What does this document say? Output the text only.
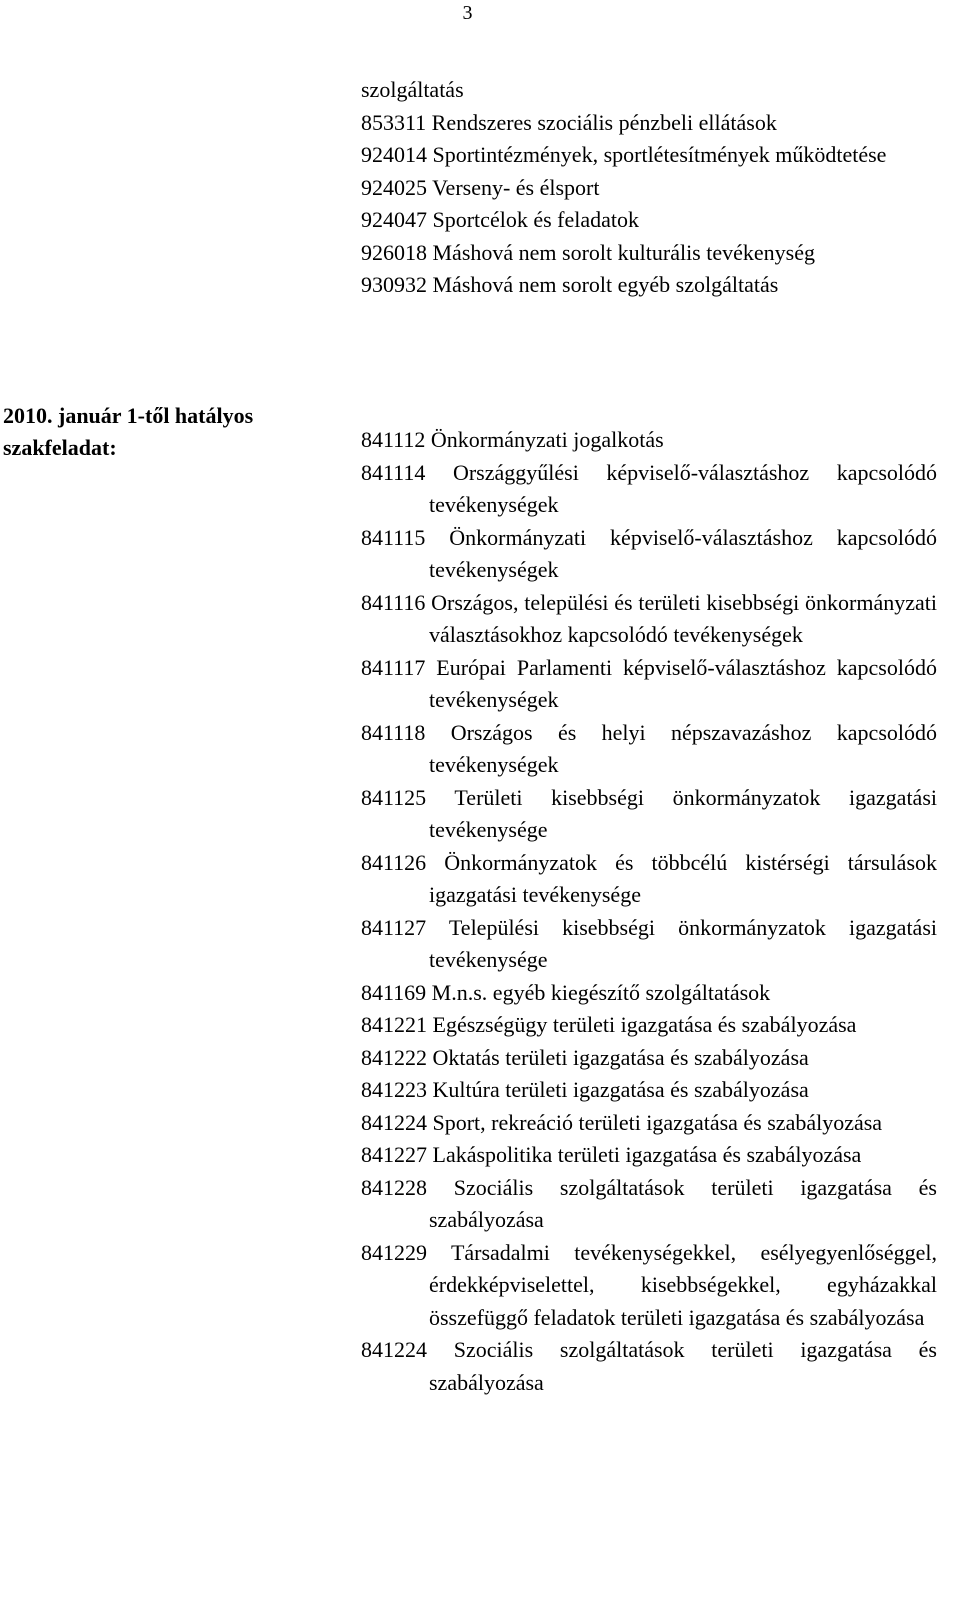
3
2010. január 1-től hatályos
szakfeladat:
szolgáltatás
853311 Rendszeres szociális pénzbeli ellátások
924014 Sportintézmények, sportlétesítmények működtetése
924025 Verseny- és élsport
924047 Sportcélok és feladatok
926018 Máshová nem sorolt kulturális tevékenység
930932 Máshová nem sorolt egyéb szolgáltatás
841112 Önkormányzati jogalkotás
841114 Országgyűlési képviselő-választáshoz kapcsolódó tevékenységek
841115 Önkormányzati képviselő-választáshoz kapcsolódó tevékenységek
841116 Országos, települési és területi kisebbségi önkormányzati választásokhoz kapcsolódó tevékenységek
841117 Európai Parlamenti képviselő-választáshoz kapcsolódó tevékenységek
841118 Országos és helyi népszavazáshoz kapcsolódó tevékenységek
841125 Területi kisebbségi önkormányzatok igazgatási tevékenysége
841126 Önkormányzatok és többcélú kistérségi társulások igazgatási tevékenysége
841127 Települési kisebbségi önkormányzatok igazgatási tevékenysége
841169 M.n.s. egyéb kiegészítő szolgáltatások
841221 Egészségügy területi igazgatása és szabályozása
841222 Oktatás területi igazgatása és szabályozása
841223 Kultúra területi igazgatása és szabályozása
841224 Sport, rekreáció területi igazgatása és szabályozása
841227 Lakáspolitika területi igazgatása és szabályozása
841228 Szociális szolgáltatások területi igazgatása és szabályozása
841229 Társadalmi tevékenységekkel, esélyegyenlőséggel, érdekképviselettel, kisebbségekkel, egyházakkal összefüggő feladatok területi igazgatása és szabályozása
841224 Szociális szolgáltatások területi igazgatása és szabályozása
